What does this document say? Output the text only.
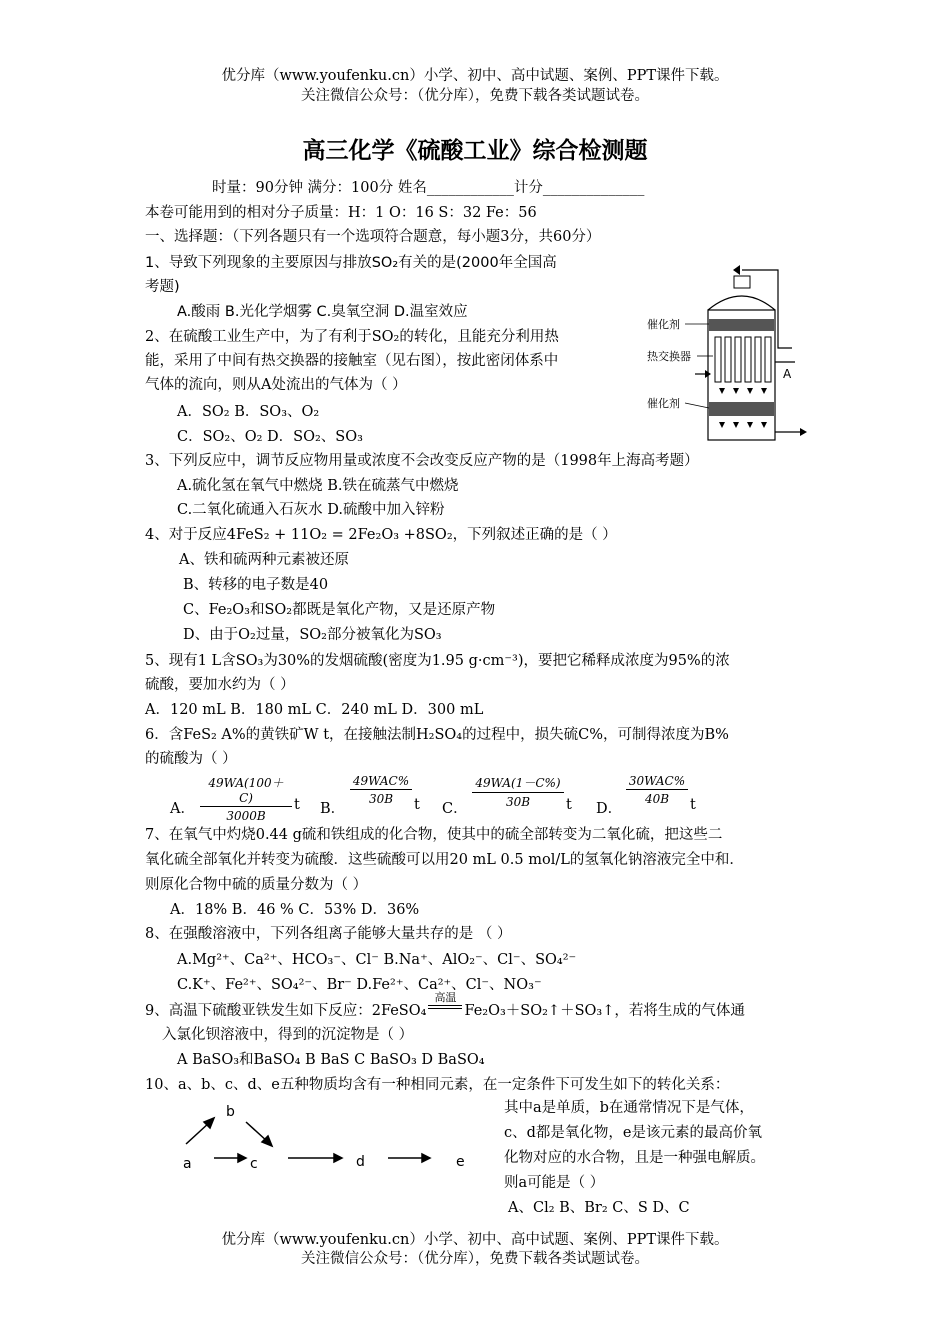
优分库（www.youfenku.cn）小学、初中、高中试题、案例、PPT课件下载。
关注微信公众号：（优分库），免费下载各类试题试卷。
高三化学《硫酸工业》综合检测题
时量：90分钟 满分：100分 姓名____________计分______________
本卷可能用到的相对分子质量：H：1 O：16 S：32 Fe：56
一、选择题：（下列各题只有一个选项符合题意，每小题3分，共60分）
1、导致下列现象的主要原因与排放SO₂有关的是(2000年全国高
考题)
A.酸雨 B.光化学烟雾 C.臭氧空洞 D.温室效应
2、在硫酸工业生产中，为了有利于SO₂的转化，且能充分利用热
能，采用了中间有热交换器的接触室（见右图），按此密闭体系中
气体的流向，则从A处流出的气体为（ ）
A．SO₂ B．SO₃、O₂
C．SO₂、O₂ D．SO₂、SO₃
催化剂
热交换器
催化剂
A
3、下列反应中，调节反应物用量或浓度不会改变反应产物的是（1998年上海高考题）
A.硫化氢在氧气中燃烧 B.铁在硫蒸气中燃烧
C.二氧化硫通入石灰水 D.硫酸中加入锌粉
4、对于反应4FeS₂ + 11O₂ = 2Fe₂O₃ +8SO₂，下列叙述正确的是（ ）
A、铁和硫两种元素被还原
B、转移的电子数是40
C、Fe₂O₃和SO₂都既是氧化产物，又是还原产物
D、由于O₂过量，SO₂部分被氧化为SO₃
5、现有1 L含SO₃为30%的发烟硫酸(密度为1.95 g·cm⁻³)，要把它稀释成浓度为95%的浓
硫酸，要加水约为（ ）
A．120 mL B．180 mL C．240 mL D．300 mL
6．含FeS₂ A%的黄铁矿W t，在接触法制H₂SO₄的过程中，损失硫C%，可制得浓度为B%
的硫酸为（ ）
A． $\frac{49WA(100+C)}{3000B}$ t B．
49WAC%
30B	t C． $\frac{49WA(1-C\%)}{30B}$ t D．
30WAC%
40B	t
7、在氧气中灼烧0.44 g硫和铁组成的化合物，使其中的硫全部转变为二氧化硫，把这些二
氧化硫全部氧化并转变为硫酸．这些硫酸可以用20 mL 0.5 mol/L的氢氧化钠溶液完全中和．
则原化合物中硫的质量分数为（ ）
A．18% B．46 % C．53% D．36%
8、在强酸溶液中，下列各组离子能够大量共存的是 （ ）
A.Mg²⁺、Ca²⁺、HCO₃⁻、Cl⁻ B.Na⁺、AlO₂⁻、Cl⁻、SO₄²⁻
C.K⁺、Fe²⁺、SO₄²⁻、Br⁻ D.Fe²⁺、Ca²⁺、Cl⁻、NO₃⁻
9、高温下硫酸亚铁发生如下反应：2FeSO₄
高温
Fe₂O₃＋SO₂↑＋SO₃↑，若将生成的气体通
入氯化钡溶液中，得到的沉淀物是（ ）
A BaSO₃和BaSO₄ B BaS C BaSO₃ D BaSO₄
10、a、b、c、d、e五种物质均含有一种相同元素，在一定条件下可发生如下的转化关系：
b
a	c	d	e
其中a是单质，b在通常情况下是气体，
c、d都是氧化物，e是该元素的最高价氧
化物对应的水合物，且是一种强电解质。
则a可能是（ ）
A、Cl₂ B、Br₂ C、S D、C
优分库（www.youfenku.cn）小学、初中、高中试题、案例、PPT课件下载。
关注微信公众号：（优分库），免费下载各类试题试卷。
